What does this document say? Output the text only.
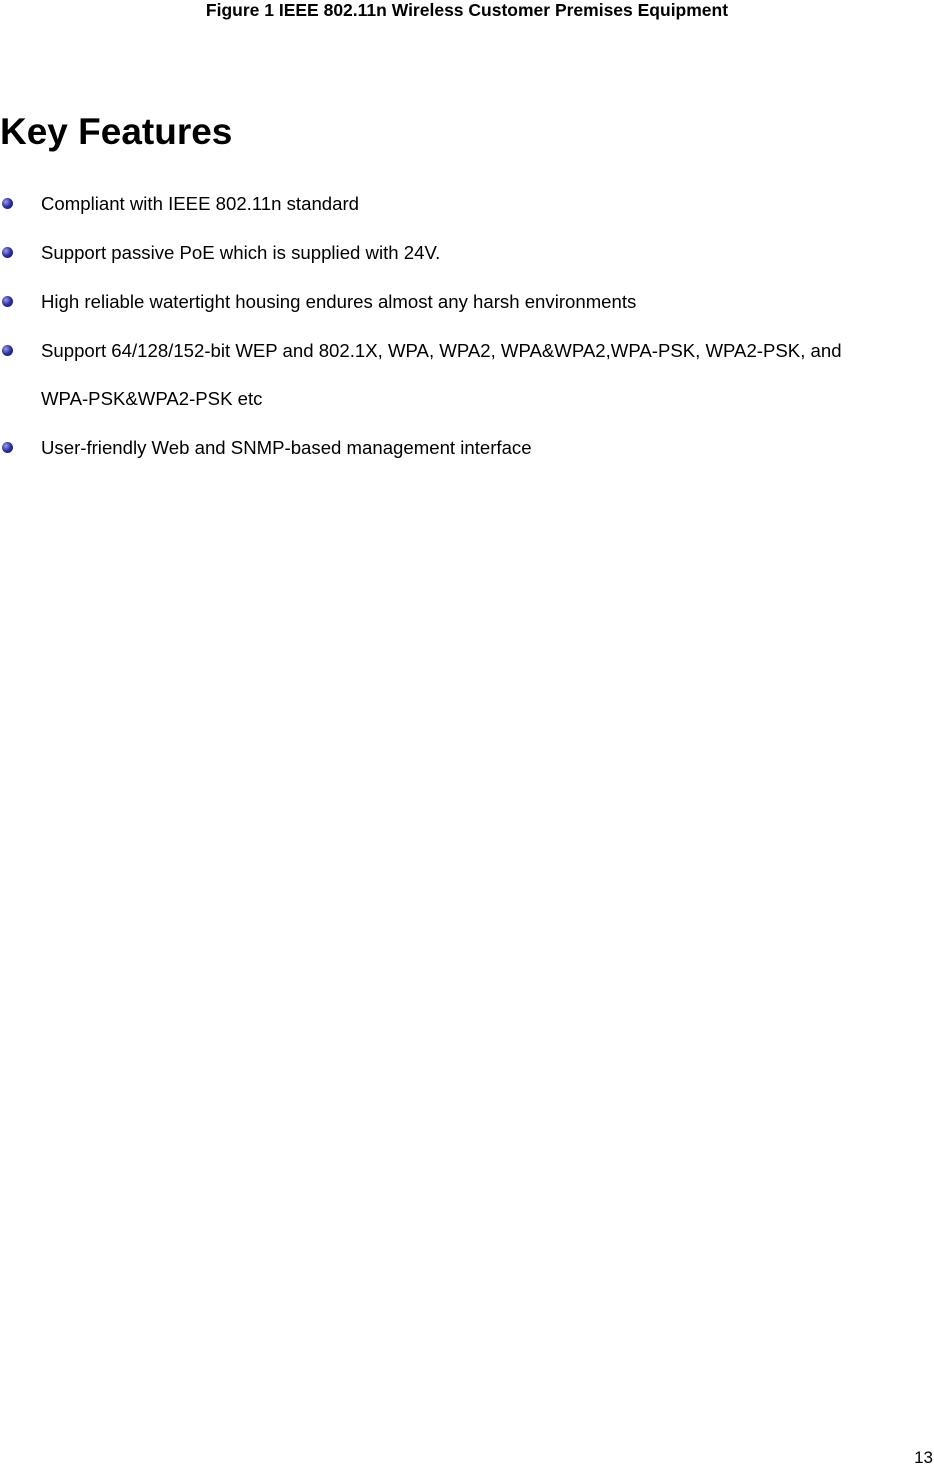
Figure 1 IEEE 802.11n Wireless Customer Premises Equipment
Key Features
Compliant with IEEE 802.11n standard
Support passive PoE which is supplied with 24V.
High reliable watertight housing endures almost any harsh environments
Support 64/128/152-bit WEP and 802.1X, WPA, WPA2, WPA&WPA2,WPA-PSK, WPA2-PSK, and
User-friendly Web and SNMP-based management interface
WPA-PSK&WPA2-PSK etc
13
